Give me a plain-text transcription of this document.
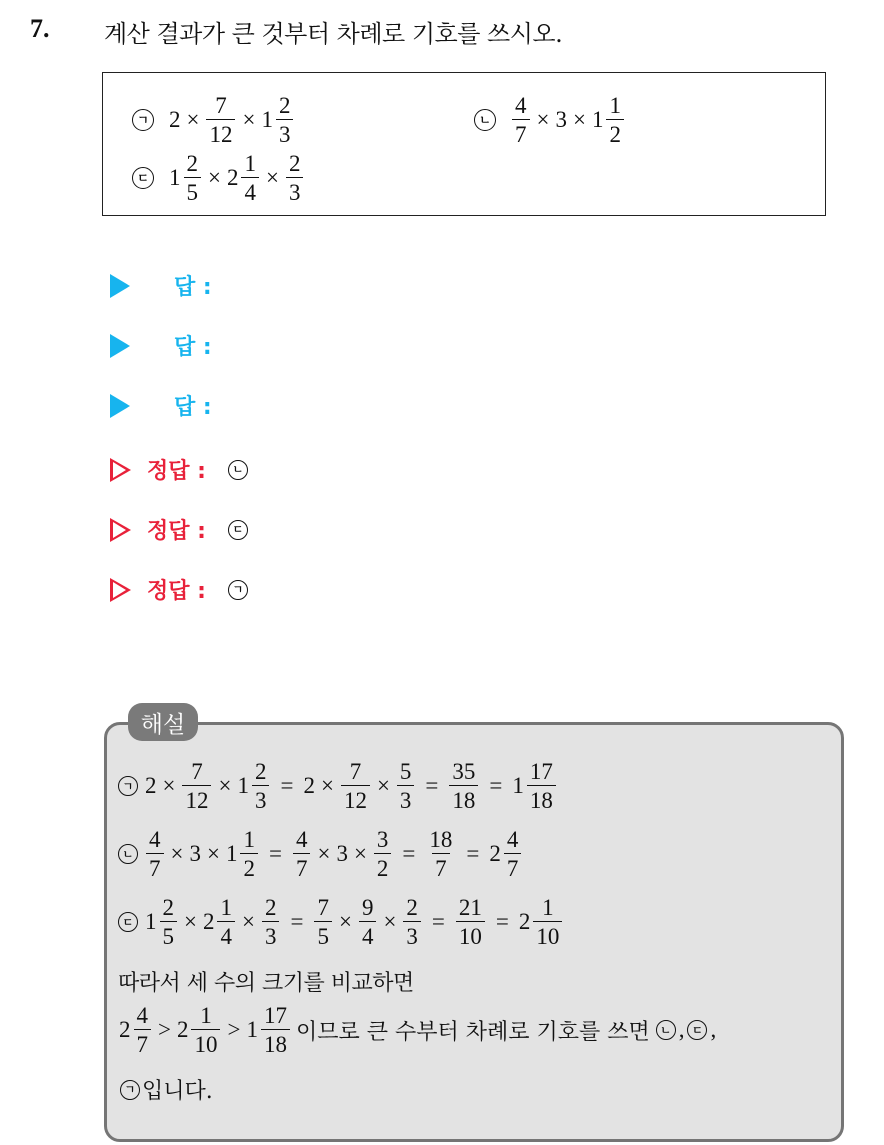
7. 계산 결과가 큰 것부터 차례로 기호를 쓰시오.
ㄱ $2 \times \frac{7}{12} \times 1 \frac{2}{3}$	ㄴ $\frac{4}{7} \times 3 \times 1 \frac{1}{2}$
ㄷ $1 \frac{2}{5} \times 2 \frac{1}{4} \times \frac{2}{3}$
답 :
답 :
답 :
정답 :	ㄴ
정답 :	ㄷ
정답 :	ㄱ
해설
ㄱ $2 \times \frac{7}{12} \times 1 \frac{2}{3} = 2 \times \frac{7}{12} \times \frac{5}{3} = \frac{35}{18} = 1 \frac{17}{18}$
ㄴ $\frac{4}{7} \times 3 \times 1 \frac{1}{2} = \frac{4}{7} \times 3 \times \frac{3}{2} = \frac{18}{7} = 2 \frac{4}{7}$
ㄷ $1 \frac{2}{5} \times 2 \frac{1}{4} \times \frac{2}{3} = \frac{7}{5} \times \frac{9}{4} \times \frac{2}{3} = \frac{21}{10} = 2 \frac{1}{10}$
따라서 세 수의 크기를 비교하면
$2 \frac{4}{7} > 2 \frac{1}{10} > 1 \frac{17}{18}$ 이므로 큰 수부터 차례로 기호를 쓰면 ㄴ , ㄷ ,
ㄱ 입니다.
